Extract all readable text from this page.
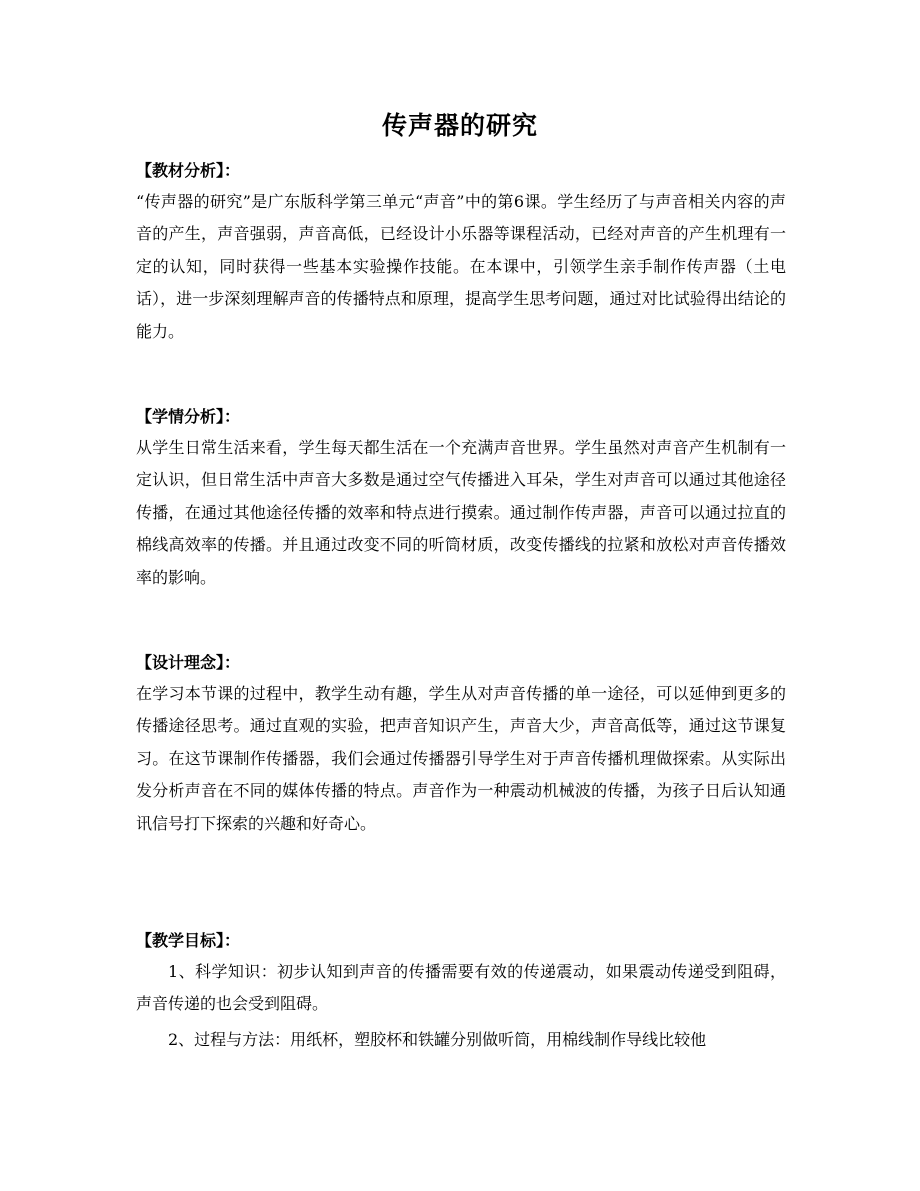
传声器的研究
【教材分析】：
“传声器的研究”是广东版科学第三单元“声音”中的第6课。学生经历了与声音相关内容的声音的产生，声音强弱，声音高低，已经设计小乐器等课程活动，已经对声音的产生机理有一定的认知，同时获得一些基本实验操作技能。在本课中，引领学生亲手制作传声器（土电话），进一步深刻理解声音的传播特点和原理，提高学生思考问题，通过对比试验得出结论的能力。
【学情分析】：
从学生日常生活来看，学生每天都生活在一个充满声音世界。学生虽然对声音产生机制有一定认识，但日常生活中声音大多数是通过空气传播进入耳朵，学生对声音可以通过其他途径传播，在通过其他途径传播的效率和特点进行摸索。通过制作传声器，声音可以通过拉直的棉线高效率的传播。并且通过改变不同的听筒材质，改变传播线的拉紧和放松对声音传播效率的影响。
【设计理念】：
在学习本节课的过程中，教学生动有趣，学生从对声音传播的单一途径，可以延伸到更多的传播途径思考。通过直观的实验，把声音知识产生，声音大少，声音高低等，通过这节课复习。在这节课制作传播器，我们会通过传播器引导学生对于声音传播机理做探索。从实际出发分析声音在不同的媒体传播的特点。声音作为一种震动机械波的传播，为孩子日后认知通讯信号打下探索的兴趣和好奇心。
【教学目标】：
1、科学知识：初步认知到声音的传播需要有效的传递震动，如果震动传递受到阻碍，声音传递的也会受到阻碍。
2、过程与方法：用纸杯，塑胶杯和铁罐分别做听筒，用棉线制作导线比较他
